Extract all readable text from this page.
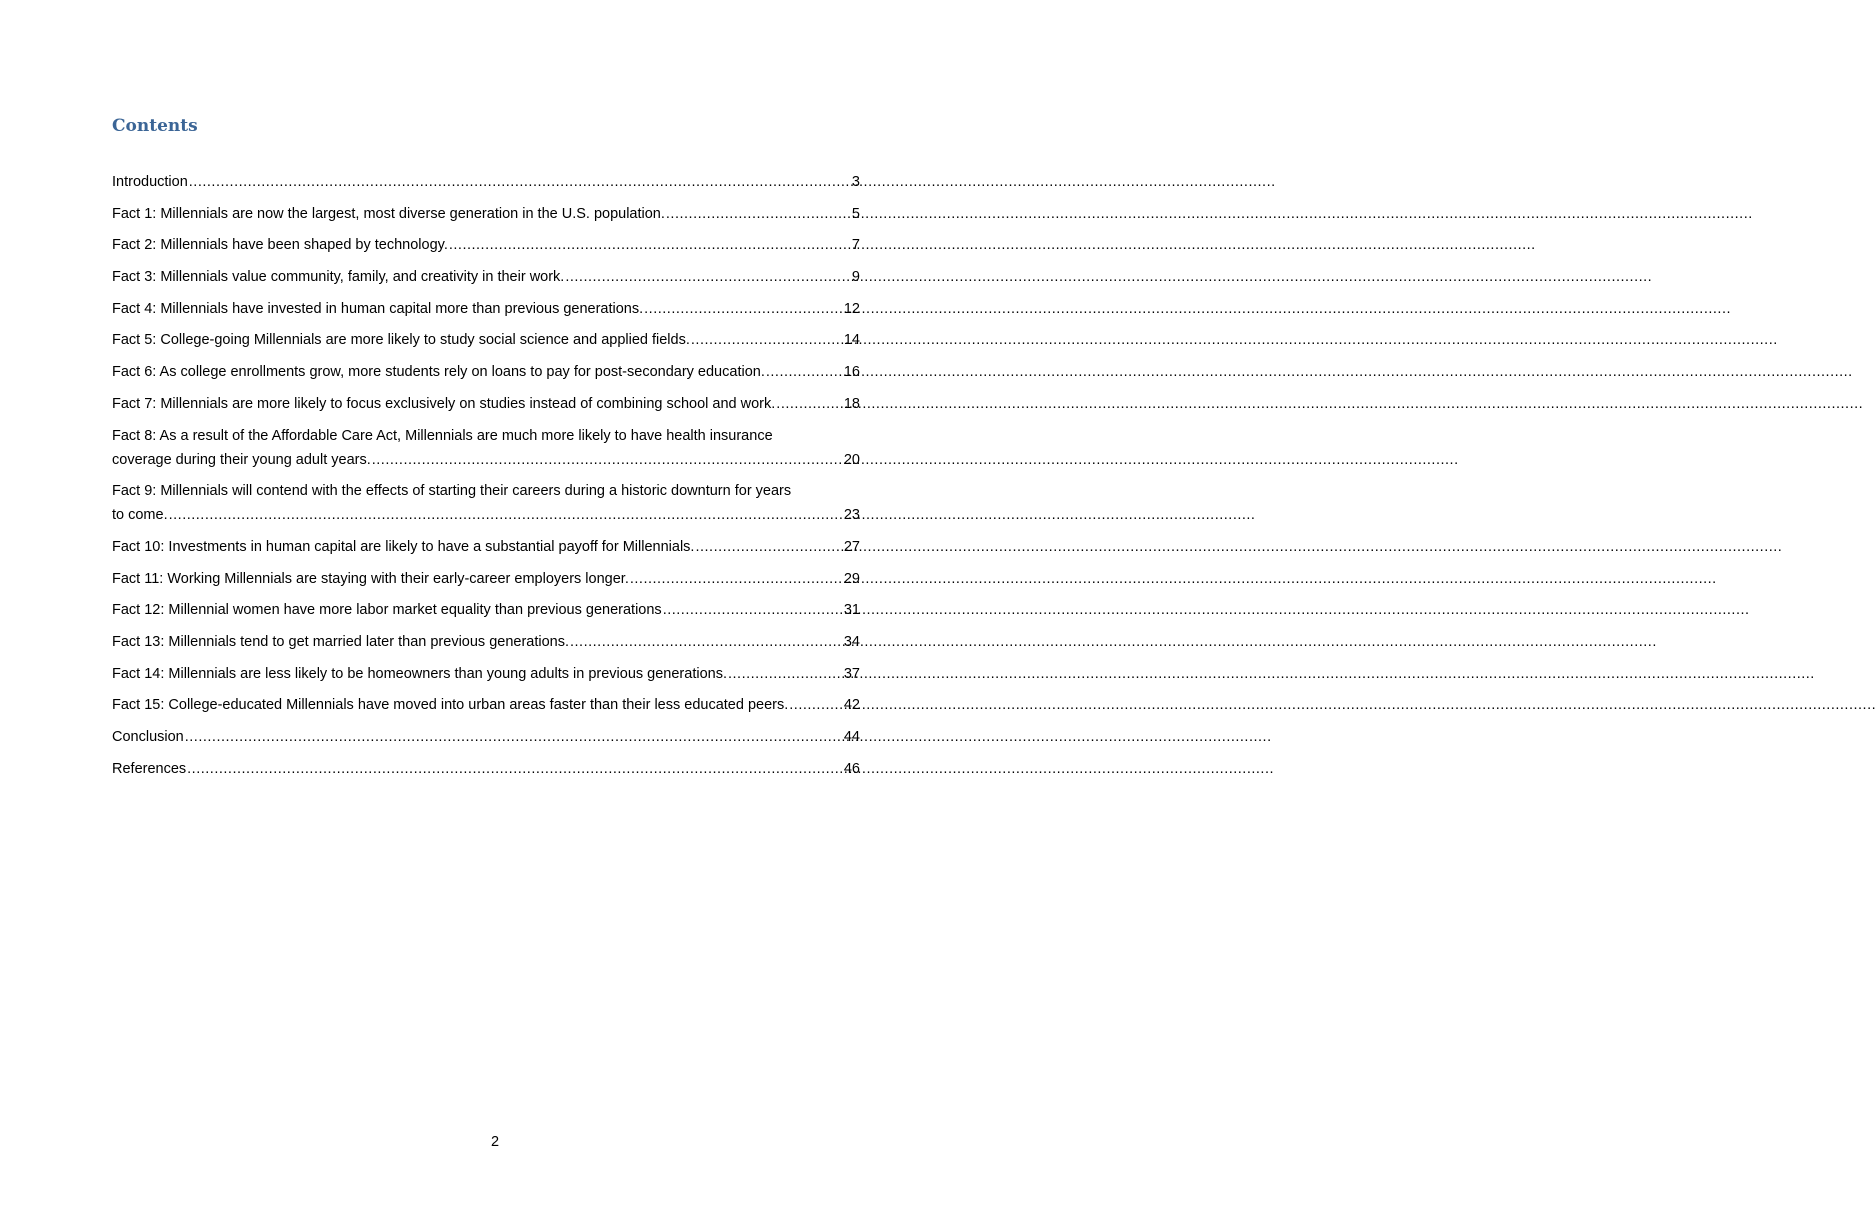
Contents
Introduction .....	3
Fact 1: Millennials are now the largest, most diverse generation in the U.S. population. .....	5
Fact 2: Millennials have been shaped by technology. .....	7
Fact 3: Millennials value community, family, and creativity in their work. .....	9
Fact 4: Millennials have invested in human capital more than previous generations. .....	12
Fact 5: College-going Millennials are more likely to study social science and applied fields. .....	14
Fact 6: As college enrollments grow, more students rely on loans to pay for post-secondary education. .....	16
Fact 7: Millennials are more likely to focus exclusively on studies instead of combining school and work. .....	18
Fact 8: As a result of the Affordable Care Act, Millennials are much more likely to have health insurance
coverage during their young adult years. .....	20
Fact 9: Millennials will contend with the effects of starting their careers during a historic downturn for years
to come. .....	23
Fact 10: Investments in human capital are likely to have a substantial payoff for Millennials. .....	27
Fact 11: Working Millennials are staying with their early-career employers longer. .....	29
Fact 12: Millennial women have more labor market equality than previous generations .....	31
Fact 13: Millennials tend to get married later than previous generations. .....	34
Fact 14: Millennials are less likely to be homeowners than young adults in previous generations. .....	37
Fact 15: College-educated Millennials have moved into urban areas faster than their less educated peers. .....	42
Conclusion .....	44
References .....	46
2
